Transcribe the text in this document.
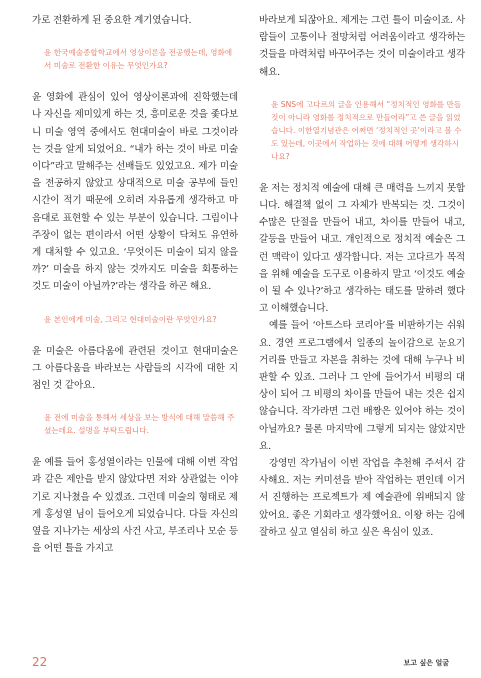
가로 전환하게 된 중요한 계기였습니다.

윤 한국예술종합학교에서 영상이론을 전공했는데, 영화에서 미술로 전환한 이유는 무엇인가요?

윤 영화에 관심이 있어 영상이론과에 진학했는데 나 자신을 제미있게 하는 것, 흥미로운 것을 좇다보니 미술 영역 중에서도 현대미술이 바로 그것이라는 것을 알게 되었어요. “내가 하는 것이 바로 미술이다”라고 말해주는 선배들도 있었고요. 제가 미술을 전공하지 않았고 상대적으로 미술 공부에 들인 시간이 적기 때문에 오히려 자유롭게 생각하고 마음대로 표현할 수 있는 부분이 있습니다. 그림이나 주장이 없는 편이라서 어떤 상황이 닥쳐도 유연하게 대처할 수 있고요. ‘무엇이든 미술이 되지 않을까?’ 미술을 하지 않는 것까지도 미술을 회통하는 것도 미술이 아닐까?’라는 생각을 하곤 해요.

윤 본인에게 미술, 그리고 현대미술이란 무엇인가요?

윤 미술은 아름다움에 관련된 것이고 현대미술은 그 아름다움을 바라보는 사람들의 시각에 대한 지점인 것 같아요.

윤 전에 미술을 통해서 세상을 보는 방식에 대해 말씀해 주셨는데요. 설명을 부탁드립니다.

윤 예를 들어 홍성열이라는 인물에 대해 이번 작업과 같은 제안을 받지 않았다면 저와 상관없는 이야기로 지나쳤을 수 있겠죠. 그런데 미술의 형태로 제게 홍성열 님이 들어오게 되었습니다. 다들 자신의 옆을 지나가는 세상의 사건 사고, 부조리나 모순 등을 어떤 틀을 가지고

바라보게 되잖아요. 제게는 그런 틀이 미술이죠. 사람들이 고통이나 절망처럼 어려움이라고 생각하는 것들을 마력처럼 바꾸어주는 것이 미술이라고 생각해요.

윤 SNS에 고다르의 글을 인용해서 “정치적인 영화를 만들 것이 아니라 영화를 정치적으로 만들어라”고 쓴 글을 읽었습니다. 이한열기념관은 어쩌면 ‘정치적인 곳’이라고 볼 수도 있는데, 이곳에서 작업하는 것에 대해 어떻게 생각하시나요?

윤 저는 정치적 예술에 대해 큰 매력을 느끼지 못합니다. 해결책 없이 그 자체가 반복되는 것. 그것이 수많은 단절을 만들어 내고, 차이를 만들어 내고, 갈등을 만들어 내고. 개인적으로 정치적 예술은 그런 맥락이 있다고 생각합니다. 저는 고다르가 목적을 위해 예술을 도구로 이용하지 말고 ‘이것도 예술이 될 수 있나?’하고 생각하는 태도를 말하려 했다고 이해했습니다.

예를 들어 ‘아트스타 코리아’를 비판하기는 쉬워요. 경연 프로그램에서 일종의 놀이감으로 눈요기 거리를 만들고 자본을 취하는 것에 대해 누구나 비판할 수 있죠. 그러나 그 안에 들어가서 비평의 대상이 되어 그 비평의 차이를 만들어 내는 것은 쉽지 않습니다. 작가라면 그런 배짱은 있어야 하는 것이 아닐까요? 물론 마지막에 그렇게 되지는 않았지만요.

강영민 작가님이 이번 작업을 추천해 주셔서 감사해요. 저는 커미션을 받아 작업하는 편인데 이거서 진행하는 프로젝트가 제 예술관에 위배되지 않았어요. 좋은 기회라고 생각했어요. 이왕 하는 김에 잘하고 싶고 열심히 하고 싶은 욕심이 있죠.

22	보고 싶은 얼굴
